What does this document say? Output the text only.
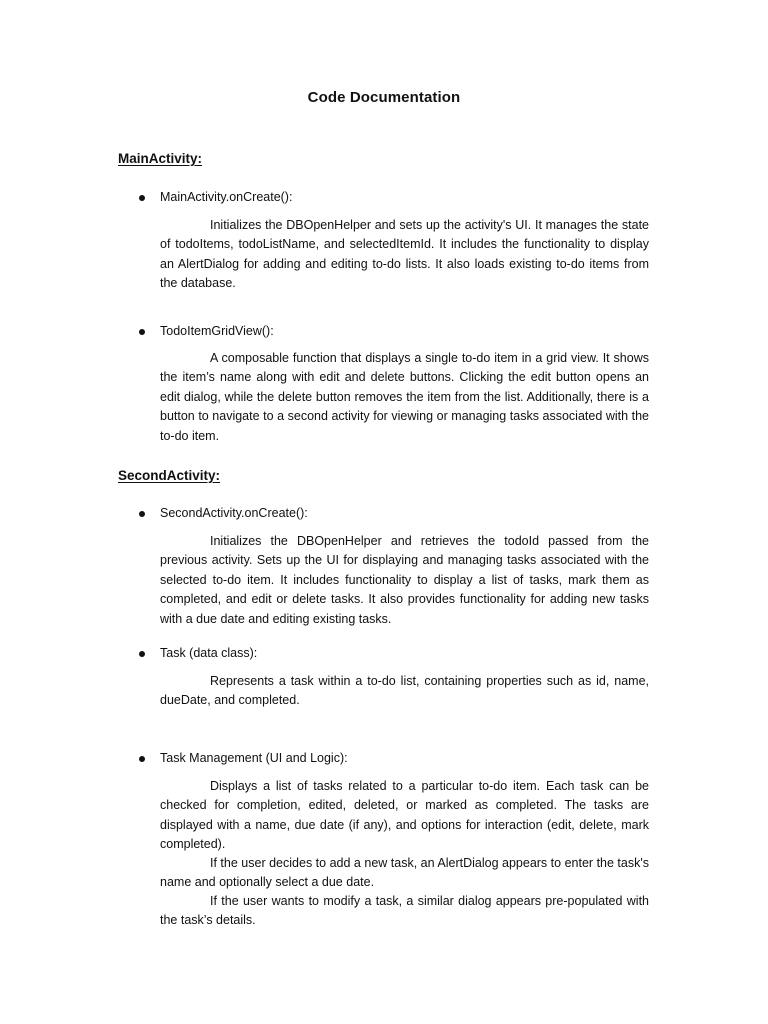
Code Documentation
MainActivity:
MainActivity.onCreate():

Initializes the DBOpenHelper and sets up the activity's UI. It manages the state of todoItems, todoListName, and selectedItemId. It includes the functionality to display an AlertDialog for adding and editing to-do lists. It also loads existing to-do items from the database.

TodoItemGridView():

A composable function that displays a single to-do item in a grid view. It shows the item’s name along with edit and delete buttons. Clicking the edit button opens an edit dialog, while the delete button removes the item from the list. Additionally, there is a button to navigate to a second activity for viewing or managing tasks associated with the to-do item.

SecondActivity:
SecondActivity.onCreate():

Initializes the DBOpenHelper and retrieves the todoId passed from the previous activity. Sets up the UI for displaying and managing tasks associated with the selected to-do item. It includes functionality to display a list of tasks, mark them as completed, and edit or delete tasks. It also provides functionality for adding new tasks with a due date and editing existing tasks.

Task (data class):

Represents a task within a to-do list, containing properties such as id, name, dueDate, and completed.

Task Management (UI and Logic):

Displays a list of tasks related to a particular to-do item. Each task can be checked for completion, edited, deleted, or marked as completed. The tasks are displayed with a name, due date (if any), and options for interaction (edit, delete, mark completed).

If the user decides to add a new task, an AlertDialog appears to enter the task's name and optionally select a due date.

If the user wants to modify a task, a similar dialog appears pre-populated with the task’s details.
